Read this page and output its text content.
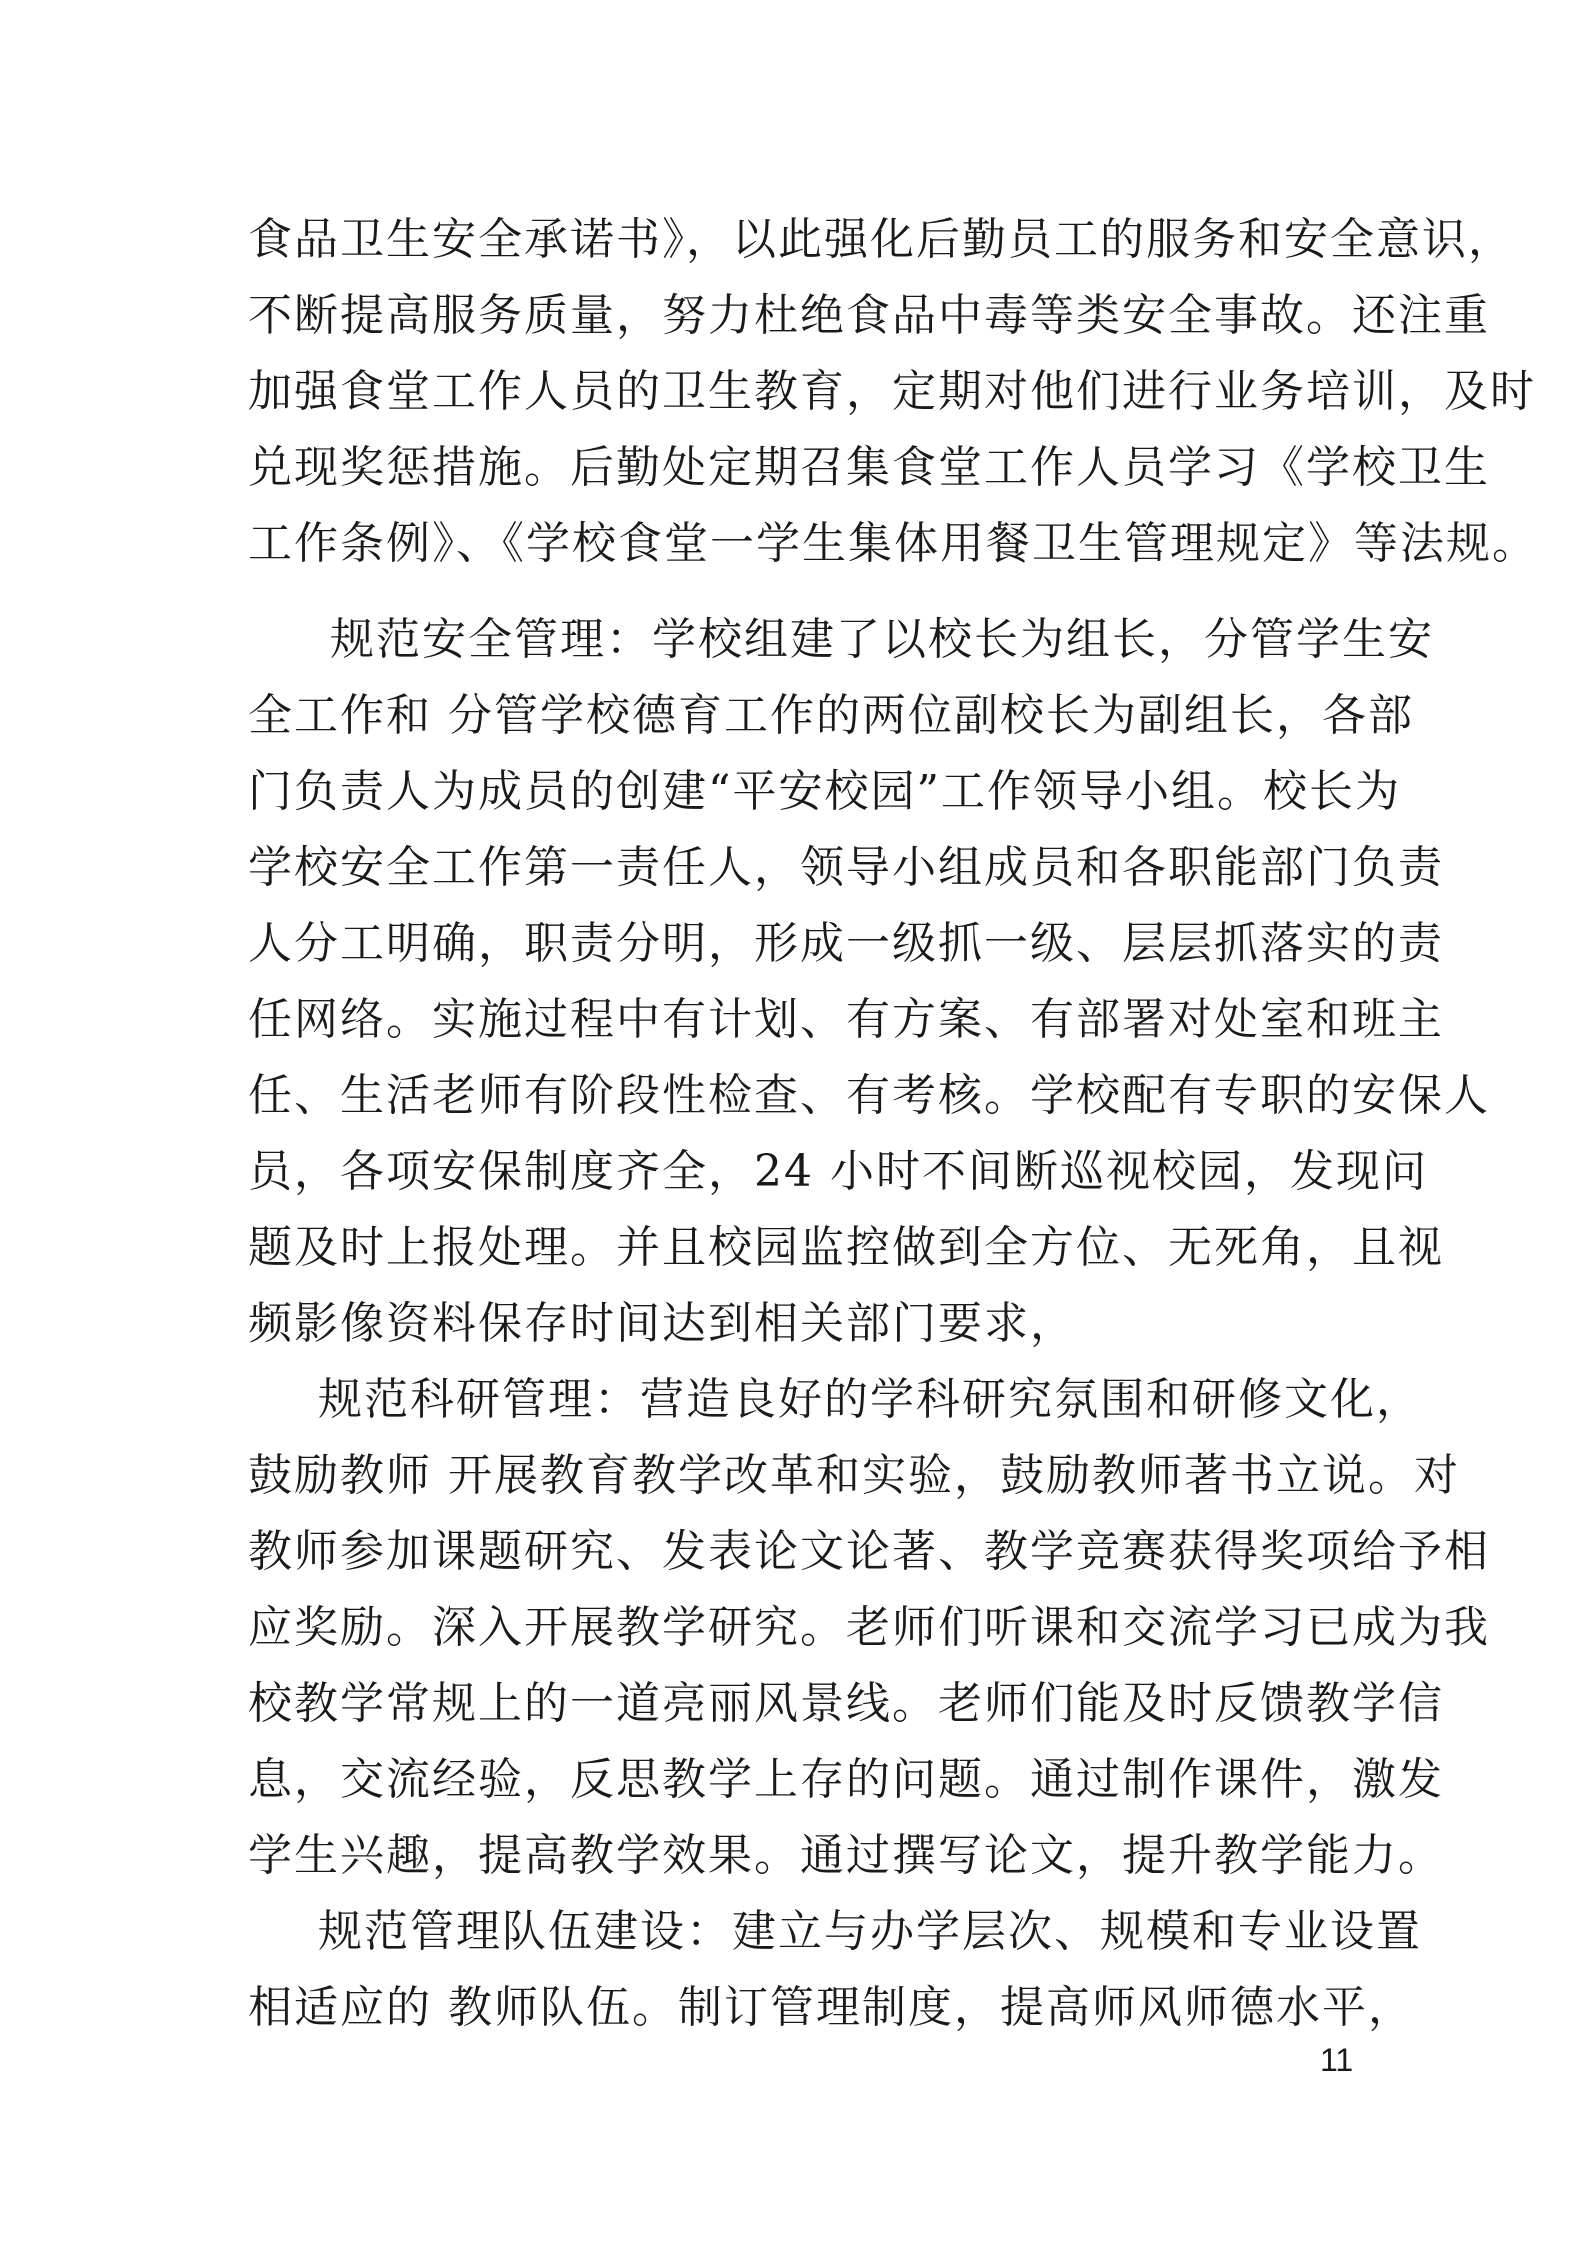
食品卫生安全承诺书》，以此强化后勤员工的服务和安全意识，
不断提高服务质量，努力杜绝食品中毒等类安全事故。还注重
加强食堂工作人员的卫生教育，定期对他们进行业务培训，及时
兑现奖惩措施。后勤处定期召集食堂工作人员学习《学校卫生
工作条例》、《学校食堂一学生集体用餐卫生管理规定》等法规。
规范安全管理：学校组建了以校长为组长，分管学生安
全工作和 分管学校德育工作的两位副校长为副组长，各部
门负责人为成员的创建“平安校园”工作领导小组。校长为
学校安全工作第一责任人，领导小组成员和各职能部门负责
人分工明确，职责分明，形成一级抓一级、层层抓落实的责
任网络。实施过程中有计划、有方案、有部署对处室和班主
任、生活老师有阶段性检查、有考核。学校配有专职的安保人
员，各项安保制度齐全，24 小时不间断巡视校园，发现问
题及时上报处理。并且校园监控做到全方位、无死角，且视
频影像资料保存时间达到相关部门要求，
规范科研管理：营造良好的学科研究氛围和研修文化，
鼓励教师 开展教育教学改革和实验，鼓励教师著书立说。对
教师参加课题研究、发表论文论著、教学竞赛获得奖项给予相
应奖励。深入开展教学研究。老师们听课和交流学习已成为我
校教学常规上的一道亮丽风景线。老师们能及时反馈教学信
息，交流经验，反思教学上存的问题。通过制作课件，激发
学生兴趣，提高教学效果。通过撰写论文，提升教学能力。
规范管理队伍建设：建立与办学层次、规模和专业设置
相适应的 教师队伍。制订管理制度，提高师风师德水平，
11
